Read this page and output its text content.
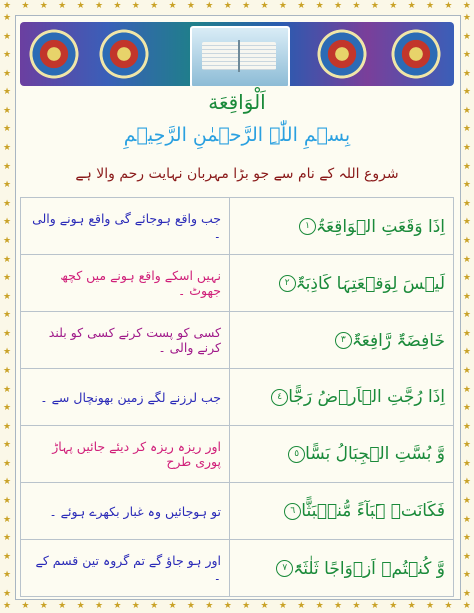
★ ★ ★ ★ ★ ★ ★ ★ ★ ★ ★ ★ ★ ★ ★ ★ ★ ★ ★ ★ ★ ★ ★ ★ ★ ★
★ ★ ★ ★ ★ ★ ★ ★ ★ ★ ★ ★ ★ ★ ★ ★ ★ ★ ★ ★ ★ ★ ★ ★ ★ ★
★
★
★
★
★
★
★
★
★
★
★
★
★
★
★
★
★
★
★
★
★
★
★
★
★
★
★
★
★
★
★
★
★
★
★
★
★
★
★
★
★
★
★
★
★
★
★
★
★
★
★
★
★
★
★
★
★
★
★
★
★
★
★
★
اَلْوَاقِعَة
بِسۡمِ اللّٰہِ الرَّحۡمٰنِ الرَّحِیۡمِ
شروع اللہ کے نام سے جو بڑا مہربان نہایت رحم والا ہے
جب واقع ہوجائے گی واقع ہونے والی ۔	اِذَا وَقَعَتِ الۡوَاقِعَۃُ١
نہیں اسکے واقع ہونے میں کچھ جھوٹ ۔	لَیۡسَ لِوَقۡعَتِہَا کَاذِبَۃٌ٢
کسی کو پست کرنے کسی کو بلند کرنے والی ۔	خَافِضَۃٌ رَّافِعَۃٌ٣
جب لرزنے لگے زمین بھونچال سے ۔	اِذَا رُجَّتِ الۡاَرۡضُ رَجًّا٤
اور ریزہ ریزہ کر دیئے جائیں پہاڑ پوری طرح	وَّ بُسَّتِ الۡجِبَالُ بَسًّا٥
تو ہوجائیں وہ غبار بکھرے ہوئے ۔	فَکَانَتۡ ہَبَآءً مُّنۡۢبَثًّا٦
اور ہو جاؤ گے تم گروہ تین قسم کے ۔	وَّ کُنۡتُمۡ اَزۡوَاجًا ثَلٰثَۃً٧
